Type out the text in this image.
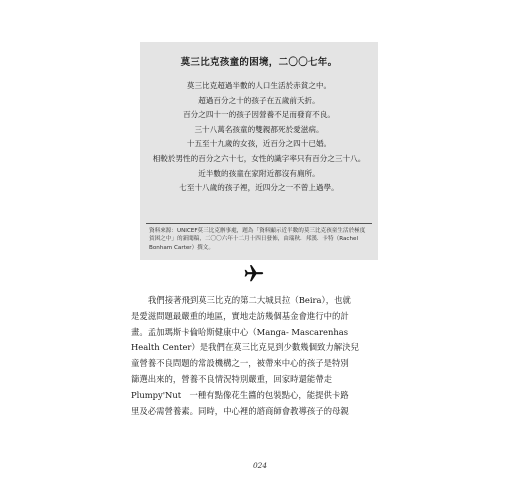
莫三比克孩童的困境，二〇〇七年。
莫三比克超過半數的人口生活於赤貧之中。
超過百分之十的孩子在五歲前夭折。
百分之四十一的孩子因營養不足而發育不良。
三十八萬名孩童的雙親都死於愛滋病。
十五至十九歲的女孩，近百分之四十已婚。
相較於男性的百分之六十七，女性的識字率只有百分之三十八。
近半數的孩童在家附近都沒有廁所。
七至十八歲的孩子裡，近四分之一不曾上過學。
資料來源：UNICEF莫三比克辦事處，題為「資料顯示近半數的莫三比克孩童生活於極度貧困之中」的新聞稿，二〇〇六年十二月十四日發佈，由瑞秋．邦漢．卡特（Rachel Bonham Carter）撰文。
我們接著飛到莫三比克的第二大城貝拉（Beira），也就
是愛滋問題最嚴重的地區，實地走訪幾個基金會進行中的計
畫。孟加瑪斯卡倫哈斯健康中心（Manga- Mascarenhas
Health Center）是我們在莫三比克見到少數幾個致力解決兒
童營養不良問題的常設機構之一，被帶來中心的孩子是特別
篩選出來的，營養不良情況特別嚴重，回家時還能帶走
Plumpy'Nut　一種有點像花生醬的包裝點心，能提供卡路
里及必需營養素。同時，中心裡的諮商師會教導孩子的母親
024
